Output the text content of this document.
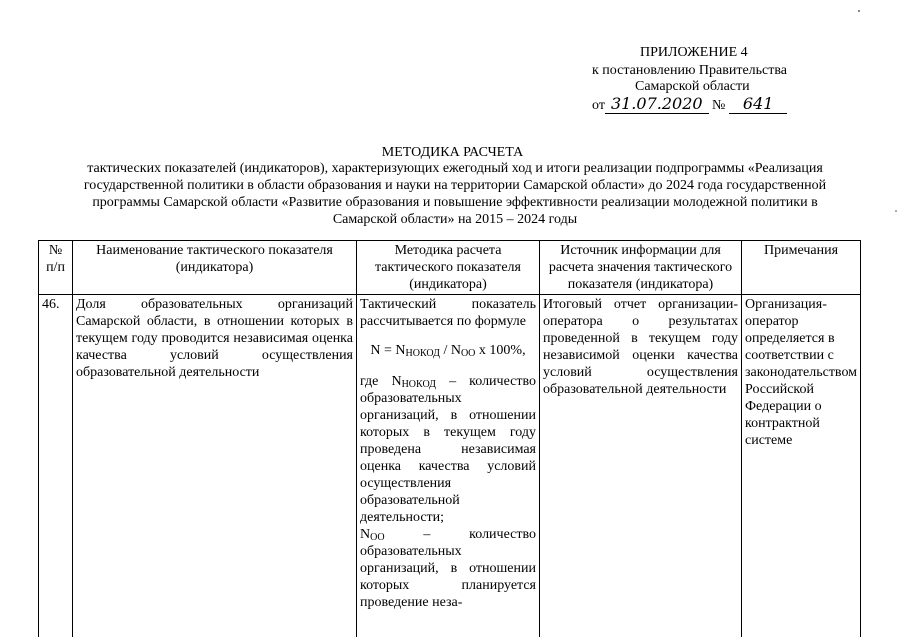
ПРИЛОЖЕНИЕ 4
к постановлению Правительства
Самарской области
от 31.07.2020 № 641
МЕТОДИКА РАСЧЕТА
тактических показателей (индикаторов), характеризующих ежегодный ход и итоги реализации подпрограммы «Реализация государственной политики в области образования и науки на территории Самарской области» до 2024 года государственной программы Самарской области «Развитие образования и повышение эффективности реализации молодежной политики в Самарской области» на 2015 – 2024 годы
№ п/п	Наименование тактического показателя (индикатора)	Методика расчета тактического показателя (индикатора)	Источник информации для расчета значения тактического показателя (индикатора)	Примечания
46.	Доля образовательных организаций Самарской области, в отношении которых в текущем году проводится независимая оценка качества условий осуществления образовательной деятельности	Тактический показатель рассчитывается по формуле

$N = N_{НОКОД} / N_{ОО}$ x 100%,

где $N_{НОКОД}$ – количество образовательных организаций, в отношении которых в текущем году проведена независимая оценка качества условий осуществления образовательной деятельности;

$N_{ОО}$ – количество образовательных организаций, в отношении которых планируется проведение неза-	Итоговый отчет организации-оператора о результатах проведенной в текущем году независимой оценки качества условий осуществления образовательной деятельности	Организация-оператор определяется в соответствии с законодательством Российской Федерации о контрактной системе
